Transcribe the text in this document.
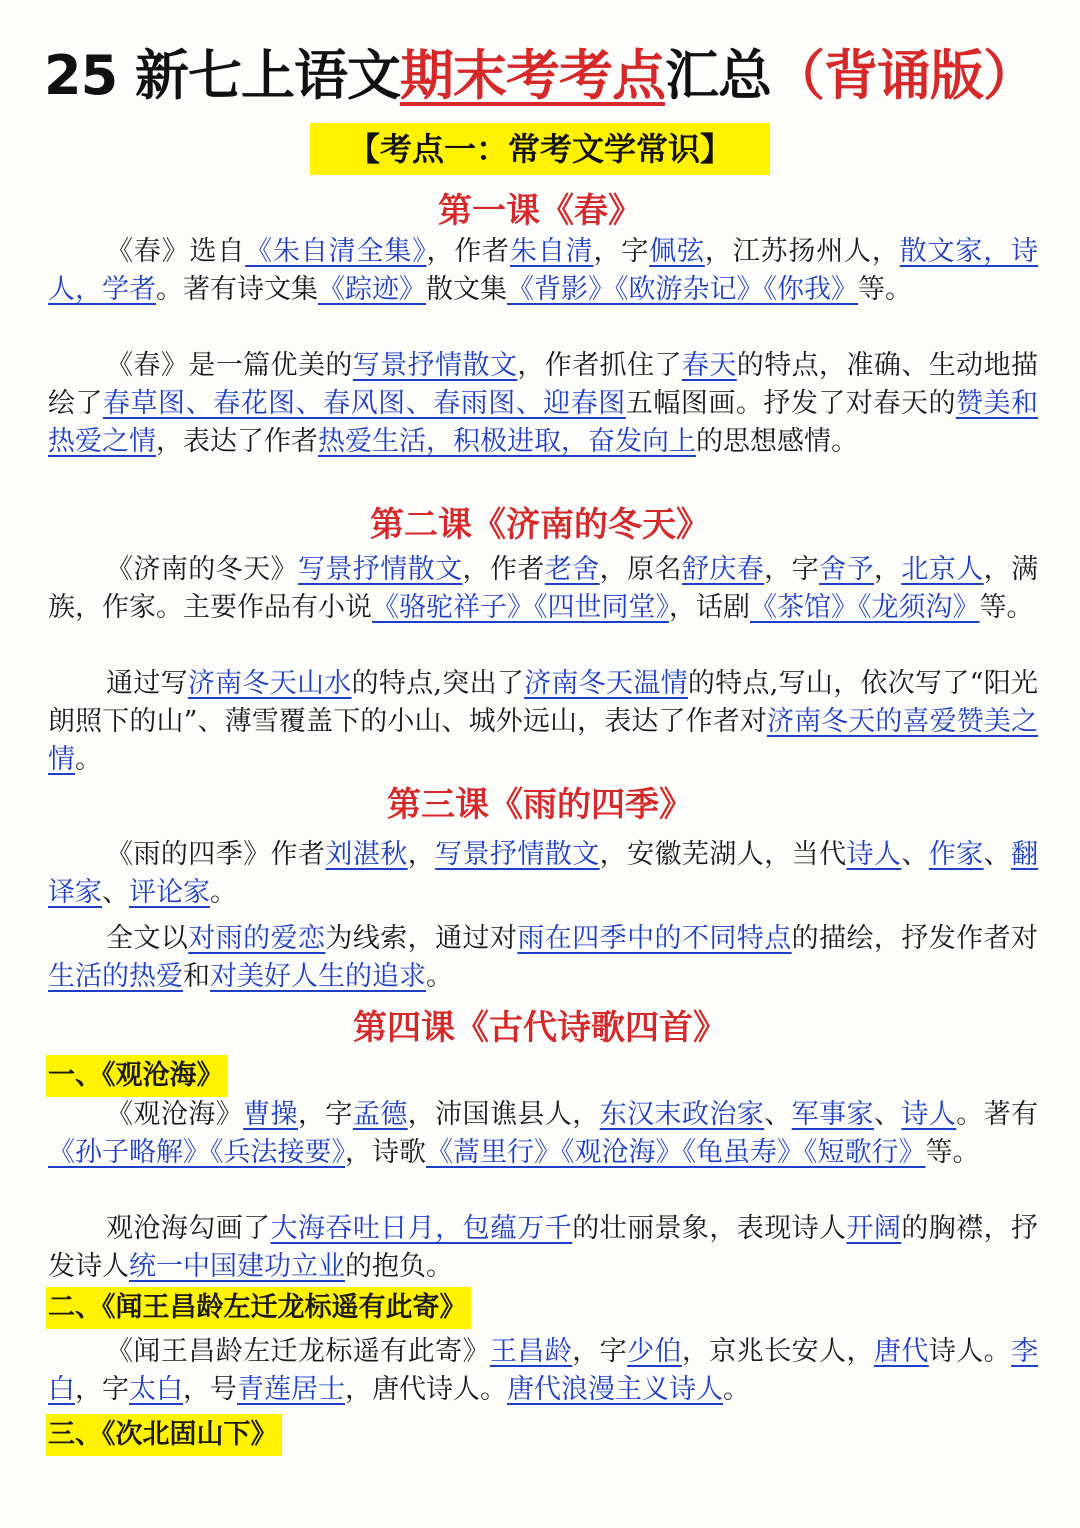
25 新七上语文期末考考点汇总（背诵版）
【考点一：常考文学常识】
第一课《春》
《春》选自《朱自清全集》，作者朱自清，字佩弦，江苏扬州人，散文家，诗人，学者。著有诗文集《踪迹》散文集《背影》《欧游杂记》《你我》等。
《春》是一篇优美的写景抒情散文，作者抓住了春天的特点，准确、生动地描绘了春草图、春花图、春风图、春雨图、迎春图五幅图画。抒发了对春天的赞美和热爱之情，表达了作者热爱生活，积极进取，奋发向上的思想感情。
第二课《济南的冬天》
《济南的冬天》写景抒情散文，作者老舍，原名舒庆春，字舍予，北京人，满族，作家。主要作品有小说《骆驼祥子》《四世同堂》，话剧《茶馆》《龙须沟》等。
通过写济南冬天山水的特点,突出了济南冬天温情的特点,写山，依次写了“阳光朗照下的山”、薄雪覆盖下的小山、城外远山，表达了作者对济南冬天的喜爱赞美之情。
第三课《雨的四季》
《雨的四季》作者刘湛秋，写景抒情散文，安徽芜湖人，当代诗人、作家、翻译家、评论家。
全文以对雨的爱恋为线索，通过对雨在四季中的不同特点的描绘，抒发作者对生活的热爱和对美好人生的追求。
第四课《古代诗歌四首》
一、《观沧海》
《观沧海》曹操，字孟德，沛国谯县人，东汉末政治家、军事家、诗人。著有《孙子略解》《兵法接要》，诗歌《蒿里行》《观沧海》《龟虽寿》《短歌行》等。
观沧海勾画了大海吞吐日月，包蕴万千的壮丽景象，表现诗人开阔的胸襟，抒发诗人统一中国建功立业的抱负。
二、《闻王昌龄左迁龙标遥有此寄》
《闻王昌龄左迁龙标遥有此寄》王昌龄，字少伯，京兆长安人，唐代诗人。李白，字太白，号青莲居士，唐代诗人。唐代浪漫主义诗人。
三、《次北固山下》
